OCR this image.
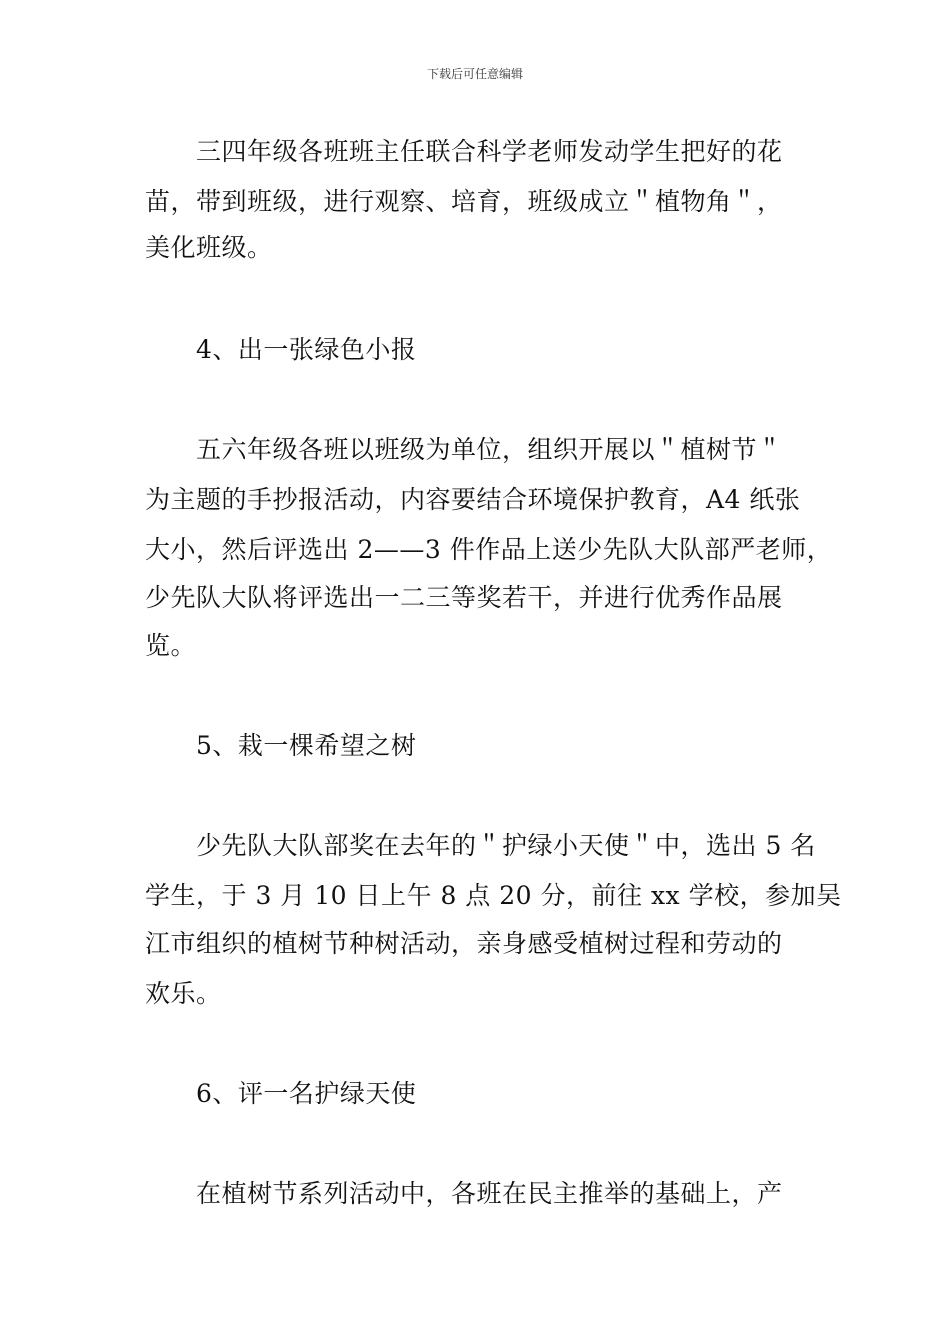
下载后可任意编辑
三四年级各班班主任联合科学老师发动学生把好的花
苗，带到班级，进行观察、培育，班级成立＂植物角＂，
美化班级。
4、出一张绿色小报
五六年级各班以班级为单位，组织开展以＂植树节＂
为主题的手抄报活动，内容要结合环境保护教育，A4 纸张
大小，然后评选出 2——3 件作品上送少先队大队部严老师，
少先队大队将评选出一二三等奖若干，并进行优秀作品展
览。
5、栽一棵希望之树
少先队大队部奖在去年的＂护绿小天使＂中，选出 5 名
学生，于 3 月 10 日上午 8 点 20 分，前往 xx 学校，参加吴
江市组织的植树节种树活动，亲身感受植树过程和劳动的
欢乐。
6、评一名护绿天使
在植树节系列活动中，各班在民主推举的基础上，产
